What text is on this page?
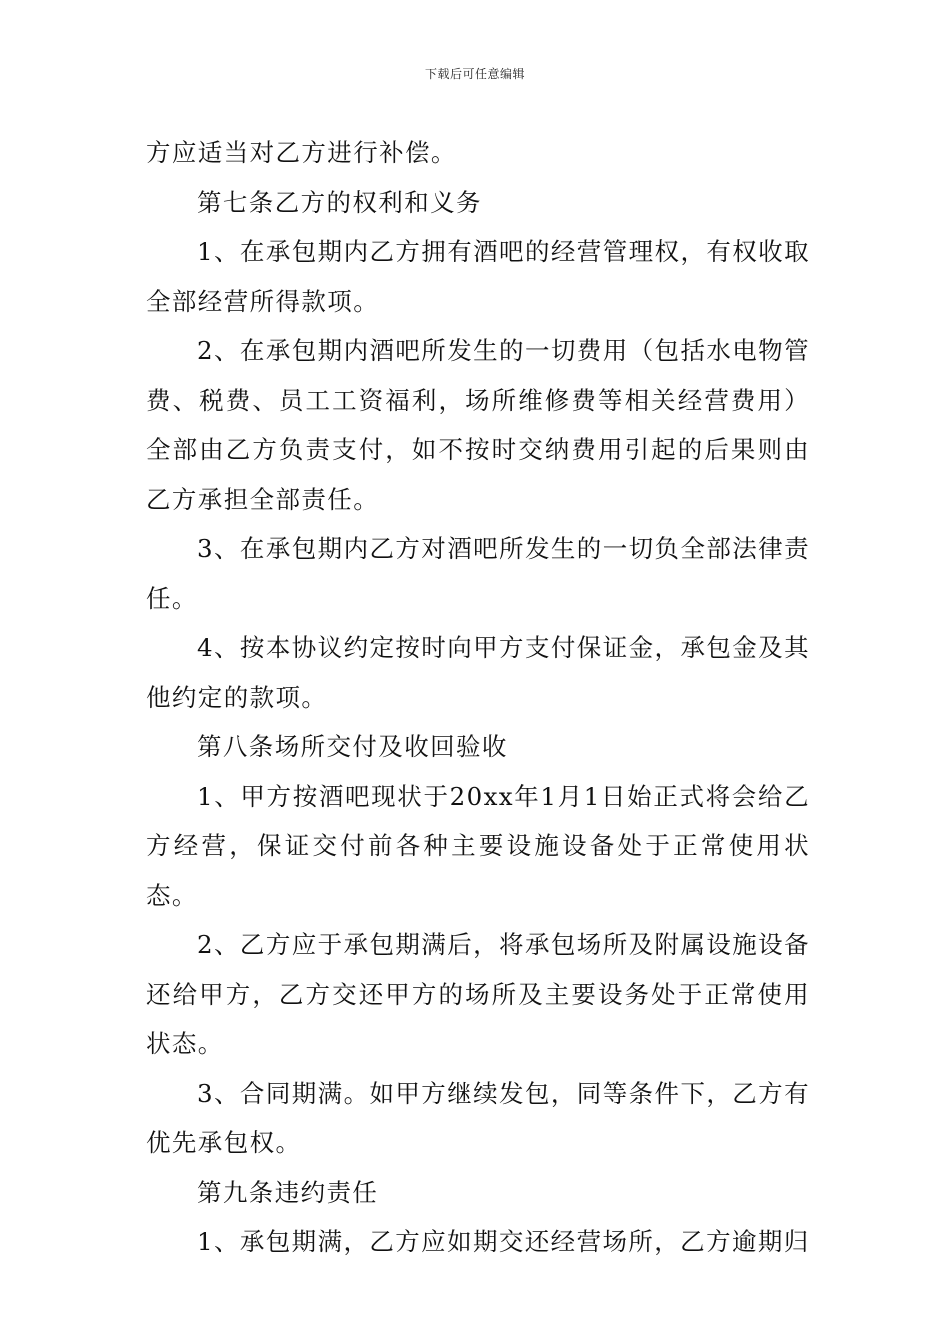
下载后可任意编辑

方应适当对乙方进行补偿。

第七条乙方的权利和义务

1、在承包期内乙方拥有酒吧的经营管理权，有权收取全部经营所得款项。

2、在承包期内酒吧所发生的一切费用（包括水电物管费、税费、员工工资福利，场所维修费等相关经营费用）全部由乙方负责支付，如不按时交纳费用引起的后果则由乙方承担全部责任。

3、在承包期内乙方对酒吧所发生的一切负全部法律责任。

4、按本协议约定按时向甲方支付保证金，承包金及其他约定的款项。

第八条场所交付及收回验收

1、甲方按酒吧现状于20xx年1月1日始正式将会给乙方经营，保证交付前各种主要设施设备处于正常使用状态。

2、乙方应于承包期满后，将承包场所及附属设施设备还给甲方，乙方交还甲方的场所及主要设务处于正常使用状态。

3、合同期满。如甲方继续发包，同等条件下，乙方有优先承包权。

第九条违约责任

1、承包期满，乙方应如期交还经营场所，乙方逾期归
